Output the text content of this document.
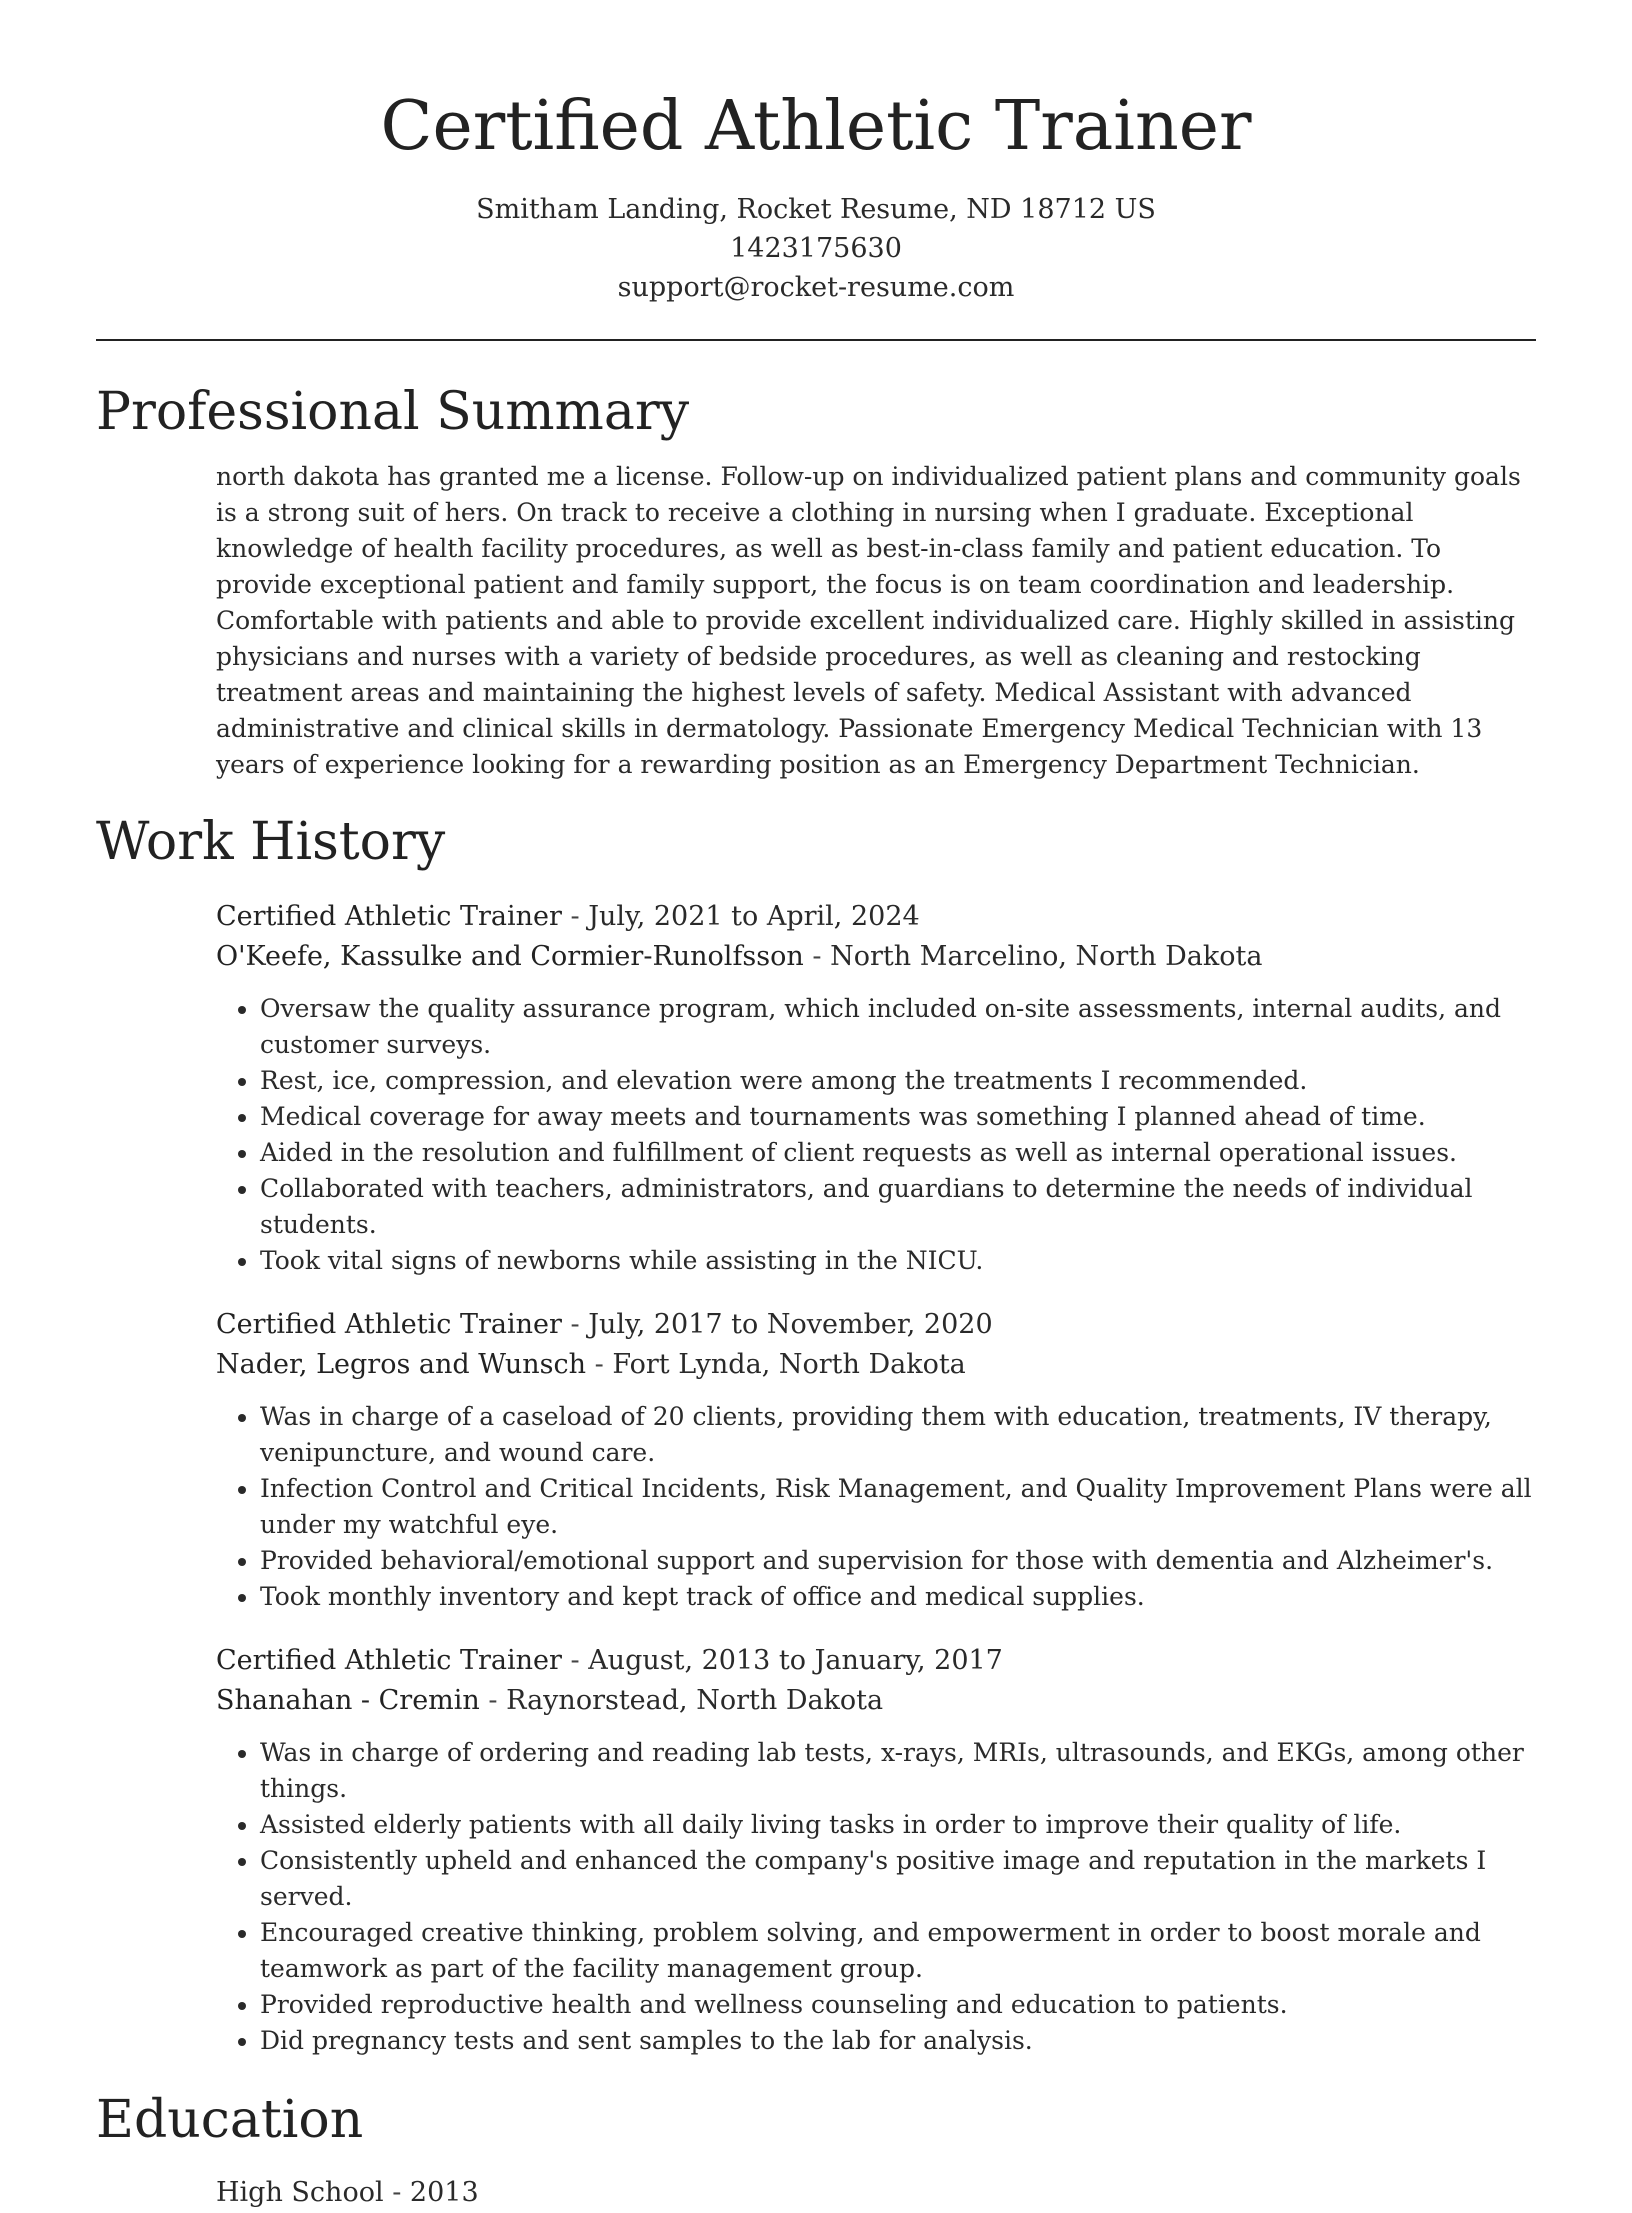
Certified Athletic Trainer
Smitham Landing, Rocket Resume, ND 18712 US
1423175630
support@rocket-resume.com
Professional Summary

north dakota has granted me a license. Follow-up on individualized patient plans and community goals is a strong suit of hers. On track to receive a clothing in nursing when I graduate. Exceptional knowledge of health facility procedures, as well as best-in-class family and patient education. To provide exceptional patient and family support, the focus is on team coordination and leadership. Comfortable with patients and able to provide excellent individualized care. Highly skilled in assisting physicians and nurses with a variety of bedside procedures, as well as cleaning and restocking treatment areas and maintaining the highest levels of safety. Medical Assistant with advanced administrative and clinical skills in dermatology. Passionate Emergency Medical Technician with 13 years of experience looking for a rewarding position as an Emergency Department Technician.

Work History
Certified Athletic Trainer - July, 2021 to April, 2024
O'Keefe, Kassulke and Cormier-Runolfsson - North Marcelino, North Dakota
• Oversaw the quality assurance program, which included on-site assessments, internal audits, and customer surveys.
• Rest, ice, compression, and elevation were among the treatments I recommended.
• Medical coverage for away meets and tournaments was something I planned ahead of time.
• Aided in the resolution and fulfillment of client requests as well as internal operational issues.
• Collaborated with teachers, administrators, and guardians to determine the needs of individual students.
• Took vital signs of newborns while assisting in the NICU.
Certified Athletic Trainer - July, 2017 to November, 2020
Nader, Legros and Wunsch - Fort Lynda, North Dakota
• Was in charge of a caseload of 20 clients, providing them with education, treatments, IV therapy, venipuncture, and wound care.
• Infection Control and Critical Incidents, Risk Management, and Quality Improvement Plans were all under my watchful eye.
• Provided behavioral/emotional support and supervision for those with dementia and Alzheimer's.
• Took monthly inventory and kept track of office and medical supplies.
Certified Athletic Trainer - August, 2013 to January, 2017
Shanahan - Cremin - Raynorstead, North Dakota
• Was in charge of ordering and reading lab tests, x-rays, MRIs, ultrasounds, and EKGs, among other things.
• Assisted elderly patients with all daily living tasks in order to improve their quality of life.
• Consistently upheld and enhanced the company's positive image and reputation in the markets I served.
• Encouraged creative thinking, problem solving, and empowerment in order to boost morale and teamwork as part of the facility management group.
• Provided reproductive health and wellness counseling and education to patients.
• Did pregnancy tests and sent samples to the lab for analysis.
Education
High School - 2013
